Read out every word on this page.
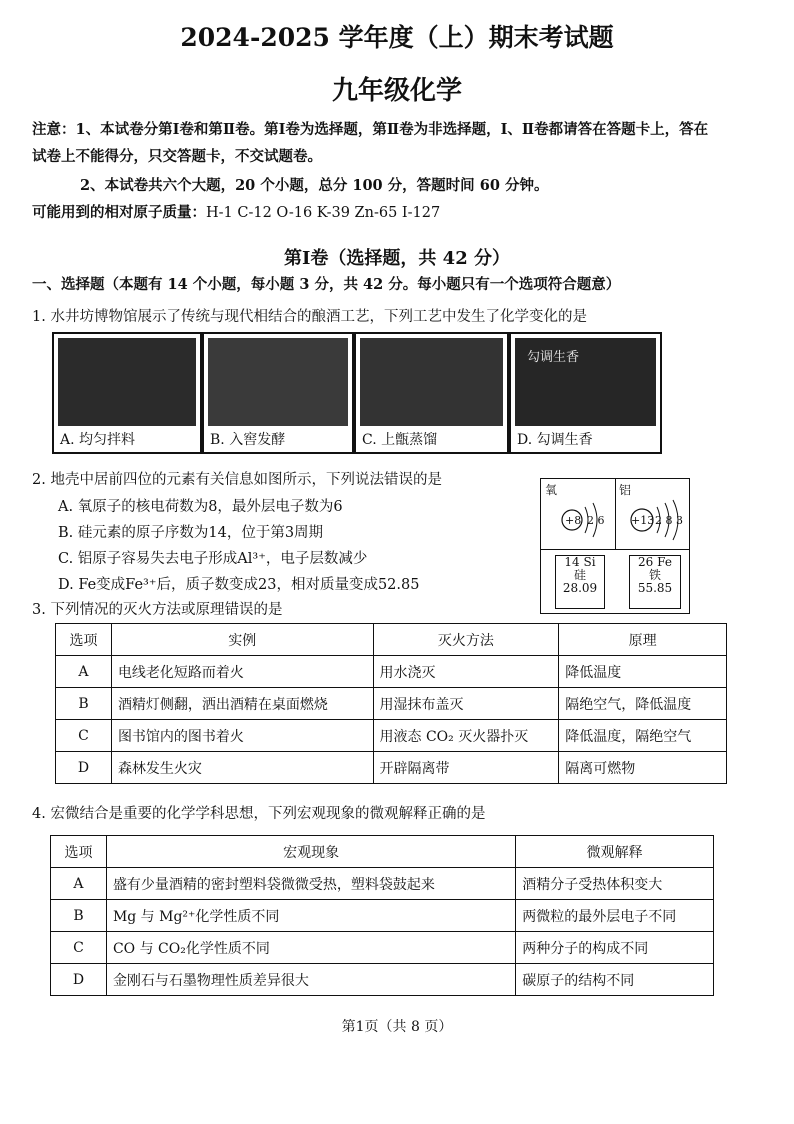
2024-2025 学年度（上）期末考试题
九年级化学
注意：1、本试卷分第Ⅰ卷和第Ⅱ卷。第Ⅰ卷为选择题，第Ⅱ卷为非选择题，Ⅰ、Ⅱ卷都请答在答题卡上，答在
试卷上不能得分，只交答题卡，不交试题卷。
2、本试卷共六个大题，20 个小题，总分 100 分，答题时间 60 分钟。
可能用到的相对原子质量：H-1 C-12 O-16 K-39 Zn-65 I-127
第Ⅰ卷（选择题，共 42 分）
一、选择题（本题有 14 个小题，每小题 3 分，共 42 分。每小题只有一个选项符合题意）
1. 水井坊博物馆展示了传统与现代相结合的酿酒工艺，下列工艺中发生了化学变化的是
A. 均匀拌料	B. 入窖发酵	C. 上甑蒸馏
勾调生香
D. 勾调生香
2. 地壳中居前四位的元素有关信息如图所示，下列说法错误的是
A. 氧原子的核电荷数为8，最外层电子数为6
B. 硅元素的原子序数为14，位于第3周期
C. 铝原子容易失去电子形成Al³⁺，电子层数减少
D. Fe变成Fe³⁺后，质子数变成23，相对质量变成52.85
氧
+8 2 6
铝
+13 2 8 3
14 Si
硅
28.09
26 Fe
铁
55.85
3. 下列情况的灭火方法或原理错误的是
选项	实例	灭火方法	原理
A	电线老化短路而着火	用水浇灭	降低温度
B	酒精灯侧翻，洒出酒精在桌面燃烧	用湿抹布盖灭	隔绝空气，降低温度
C	图书馆内的图书着火	用液态 CO₂ 灭火器扑灭	降低温度，隔绝空气
D	森林发生火灾	开辟隔离带	隔离可燃物
4. 宏微结合是重要的化学学科思想，下列宏观现象的微观解释正确的是
选项	宏观现象	微观解释
A	盛有少量酒精的密封塑料袋微微受热，塑料袋鼓起来	酒精分子受热体积变大
B	Mg 与 Mg²⁺化学性质不同	两微粒的最外层电子不同
C	CO 与 CO₂化学性质不同	两种分子的构成不同
D	金刚石与石墨物理性质差异很大	碳原子的结构不同
第1页（共 8 页）
